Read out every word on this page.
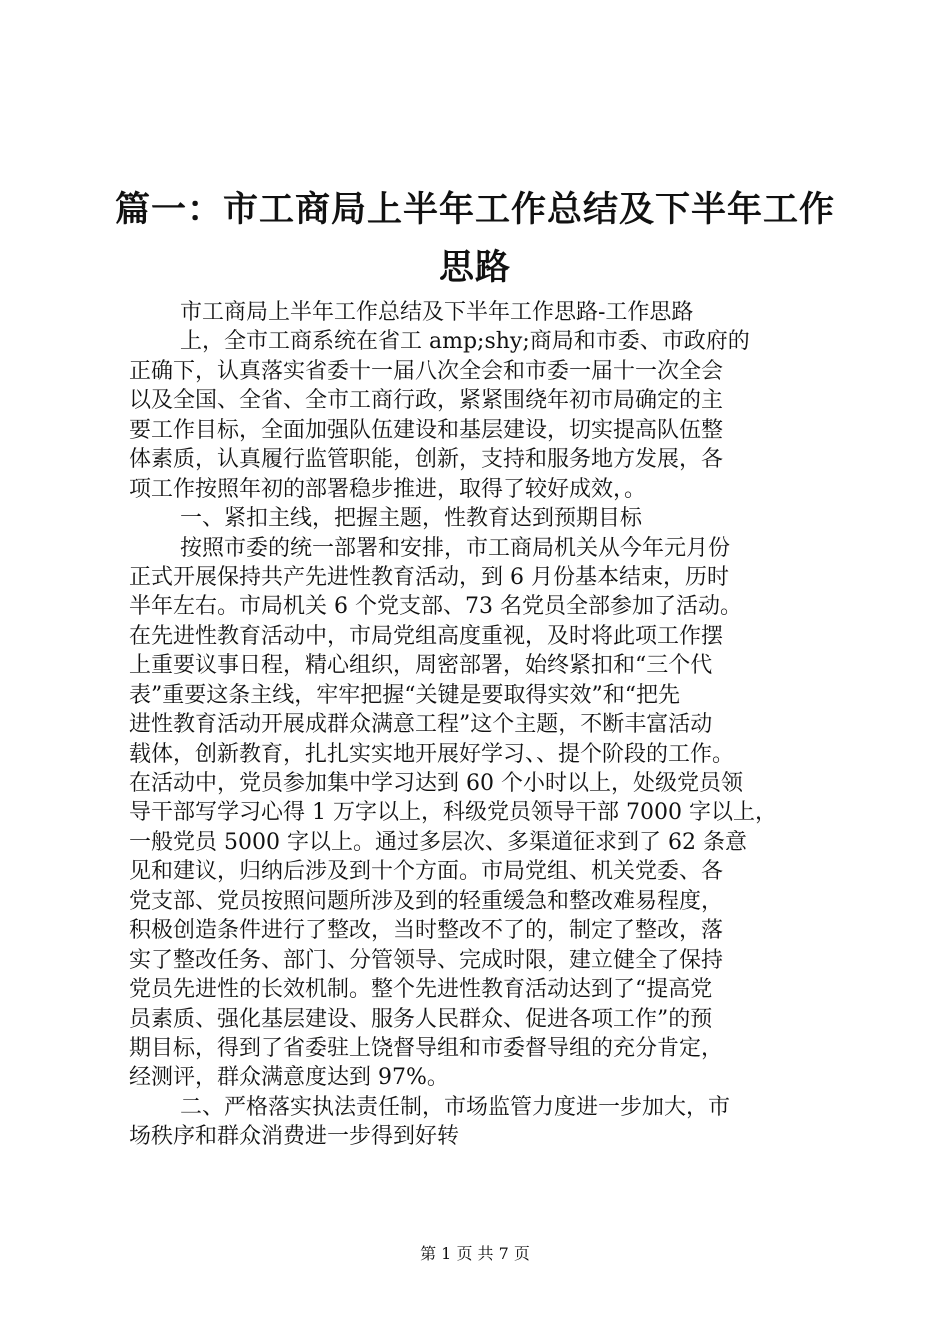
篇一：市工商局上半年工作总结及下半年工作
思路
市工商局上半年工作总结及下半年工作思路-工作思路
上，全市工商系统在省工 amp;shy;商局和市委、市政府的
正确下，认真落实省委十一届八次全会和市委一届十一次全会
以及全国、全省、全市工商行政，紧紧围绕年初市局确定的主
要工作目标，全面加强队伍建设和基层建设，切实提高队伍整
体素质，认真履行监管职能，创新，支持和服务地方发展，各
项工作按照年初的部署稳步推进，取得了较好成效，。
一、紧扣主线，把握主题，性教育达到预期目标
按照市委的统一部署和安排，市工商局机关从今年元月份
正式开展保持共产先进性教育活动，到 6 月份基本结束，历时
半年左右。市局机关 6 个党支部、73 名党员全部参加了活动。
在先进性教育活动中，市局党组高度重视，及时将此项工作摆
上重要议事日程，精心组织，周密部署，始终紧扣和“三个代
表”重要这条主线，牢牢把握“关键是要取得实效”和“把先
进性教育活动开展成群众满意工程”这个主题，不断丰富活动
载体，创新教育，扎扎实实地开展好学习、、提个阶段的工作。
在活动中，党员参加集中学习达到 60 个小时以上，处级党员领
导干部写学习心得 1 万字以上，科级党员领导干部 7000 字以上，
一般党员 5000 字以上。通过多层次、多渠道征求到了 62 条意
见和建议，归纳后涉及到十个方面。市局党组、机关党委、各
党支部、党员按照问题所涉及到的轻重缓急和整改难易程度，
积极创造条件进行了整改，当时整改不了的，制定了整改，落
实了整改任务、部门、分管领导、完成时限，建立健全了保持
党员先进性的长效机制。整个先进性教育活动达到了“提高党
员素质、强化基层建设、服务人民群众、促进各项工作”的预
期目标，得到了省委驻上饶督导组和市委督导组的充分肯定，
经测评，群众满意度达到 97%。
二、严格落实执法责任制，市场监管力度进一步加大，市
场秩序和群众消费进一步得到好转
第 1 页 共 7 页
